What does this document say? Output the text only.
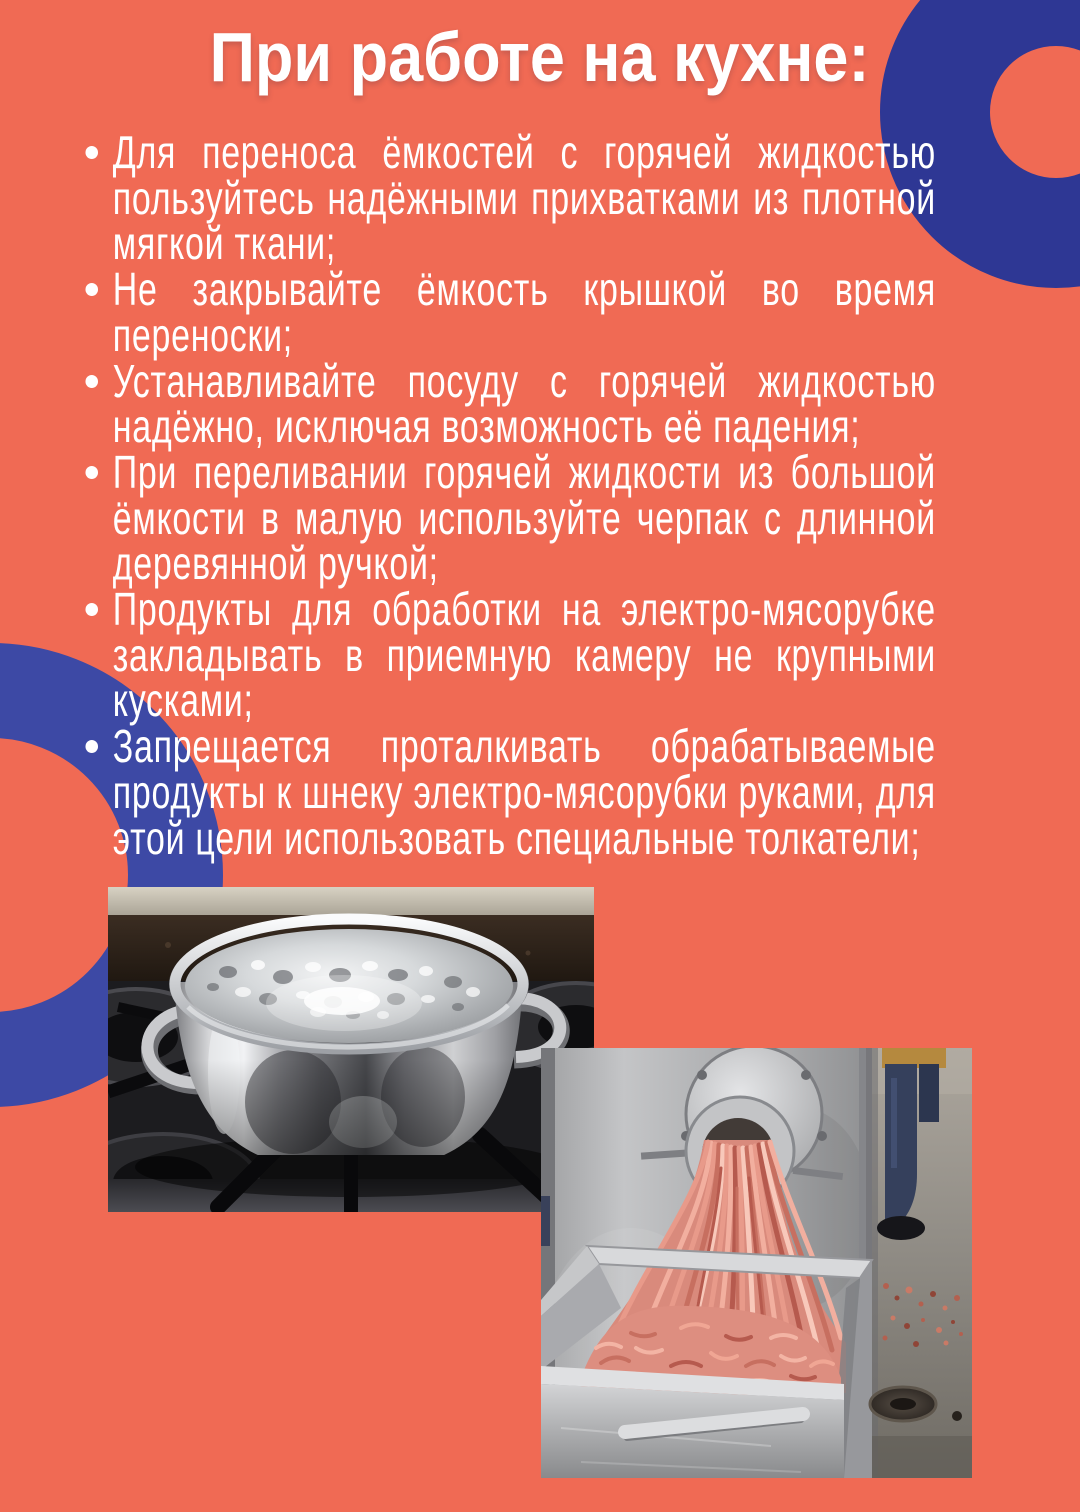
При работе на кухне:
Для переноса ёмкостей с горячей жидкостью пользуйтесь надёжными прихватками из плотной мягкой ткани;
Не закрывайте ёмкость крышкой во время переноски;
Устанавливайте посуду с горячей жидкостью надёжно, исключая возможность её падения;
При переливании горячей жидкости из большой ёмкости в малую используйте черпак с длинной деревянной ручкой;
Продукты для обработки на электро-мясорубке закладывать в приемную камеру не крупными кусками;
Запрещается проталкивать обрабатываемые продукты к шнеку электро-мясорубки руками, для этой цели использовать специальные толкатели;
